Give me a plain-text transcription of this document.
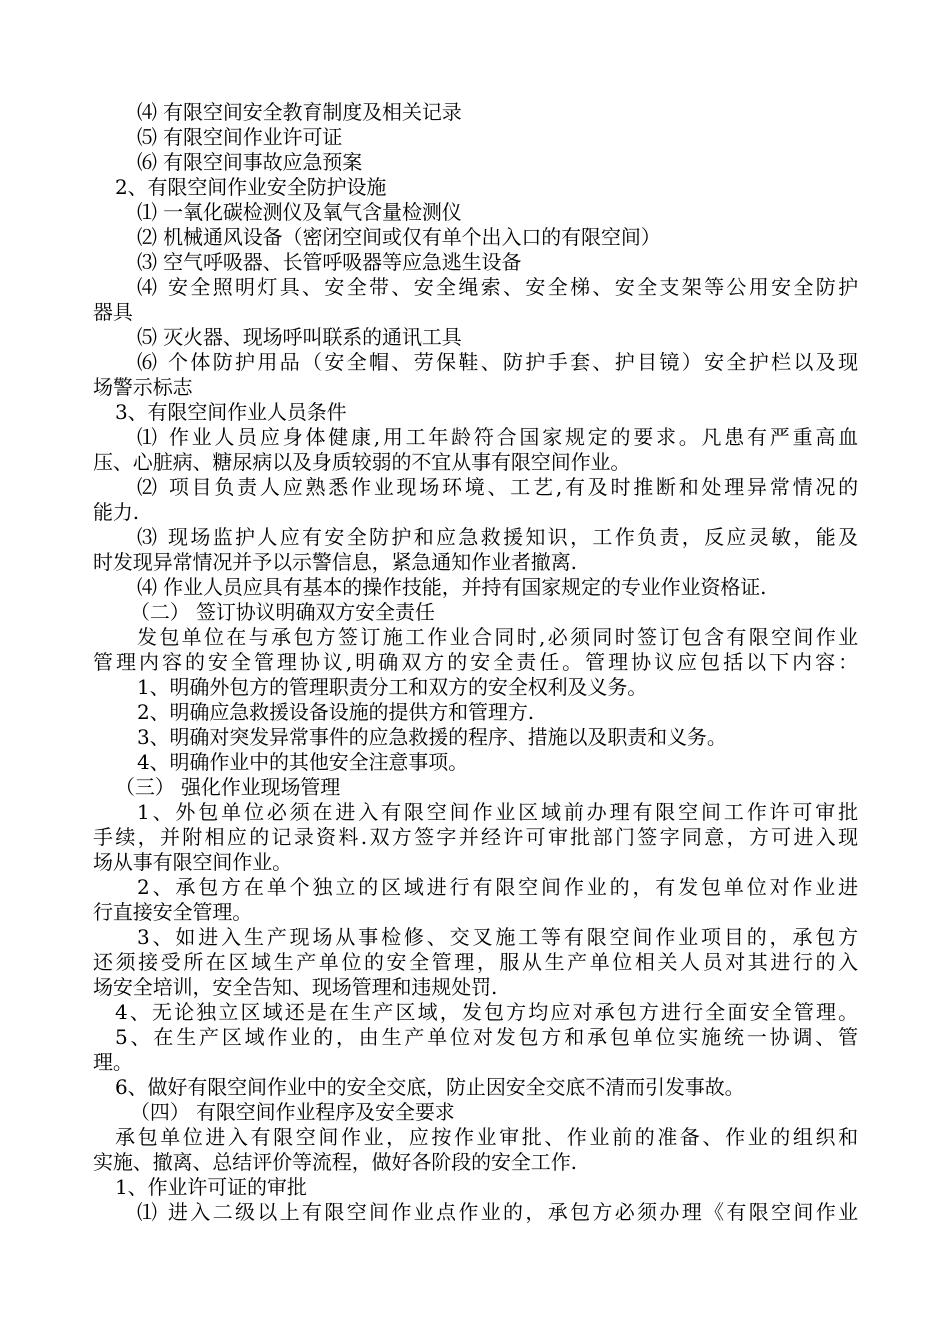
⑷ 有限空间安全教育制度及相关记录
⑸ 有限空间作业许可证
⑹ 有限空间事故应急预案
2、有限空间作业安全防护设施
⑴ 一氧化碳检测仪及氧气含量检测仪
⑵ 机械通风设备（密闭空间或仅有单个出入口的有限空间）
⑶ 空气呼吸器、长管呼吸器等应急逃生设备
⑷ 安全照明灯具、安全带、安全绳索、安全梯、安全支架等公用安全防护
器具
⑸ 灭火器、现场呼叫联系的通讯工具
⑹ 个体防护用品（安全帽、劳保鞋、防护手套、护目镜）安全护栏以及现
场警示标志
3、有限空间作业人员条件
⑴ 作业人员应身体健康,用工年龄符合国家规定的要求。凡患有严重高血
压、心脏病、糖尿病以及身质较弱的不宜从事有限空间作业。
⑵ 项目负责人应熟悉作业现场环境、工艺,有及时推断和处理异常情况的
能力.
⑶ 现场监护人应有安全防护和应急救援知识，工作负责，反应灵敏，能及
时发现异常情况并予以示警信息，紧急通知作业者撤离.
⑷ 作业人员应具有基本的操作技能，并持有国家规定的专业作业资格证.
（二） 签订协议明确双方安全责任
发包单位在与承包方签订施工作业合同时,必须同时签订包含有限空间作业
管理内容的安全管理协议,明确双方的安全责任。管理协议应包括以下内容：
1、明确外包方的管理职责分工和双方的安全权利及义务。
2、明确应急救援设备设施的提供方和管理方.
3、明确对突发异常事件的应急救援的程序、措施以及职责和义务。
4、明确作业中的其他安全注意事项。
（三） 强化作业现场管理
1、外包单位必须在进入有限空间作业区域前办理有限空间工作许可审批
手续，并附相应的记录资料.双方签字并经许可审批部门签字同意，方可进入现
场从事有限空间作业。
2、承包方在单个独立的区域进行有限空间作业的，有发包单位对作业进
行直接安全管理。
3、如进入生产现场从事检修、交叉施工等有限空间作业项目的，承包方
还须接受所在区域生产单位的安全管理，服从生产单位相关人员对其进行的入
场安全培训，安全告知、现场管理和违规处罚.
4、无论独立区域还是在生产区域，发包方均应对承包方进行全面安全管理。
5、在生产区域作业的，由生产单位对发包方和承包单位实施统一协调、管
理。
6、做好有限空间作业中的安全交底，防止因安全交底不清而引发事故。
（四） 有限空间作业程序及安全要求
承包单位进入有限空间作业，应按作业审批、作业前的准备、作业的组织和
实施、撤离、总结评价等流程，做好各阶段的安全工作.
1、作业许可证的审批
⑴ 进入二级以上有限空间作业点作业的，承包方必须办理《有限空间作业
